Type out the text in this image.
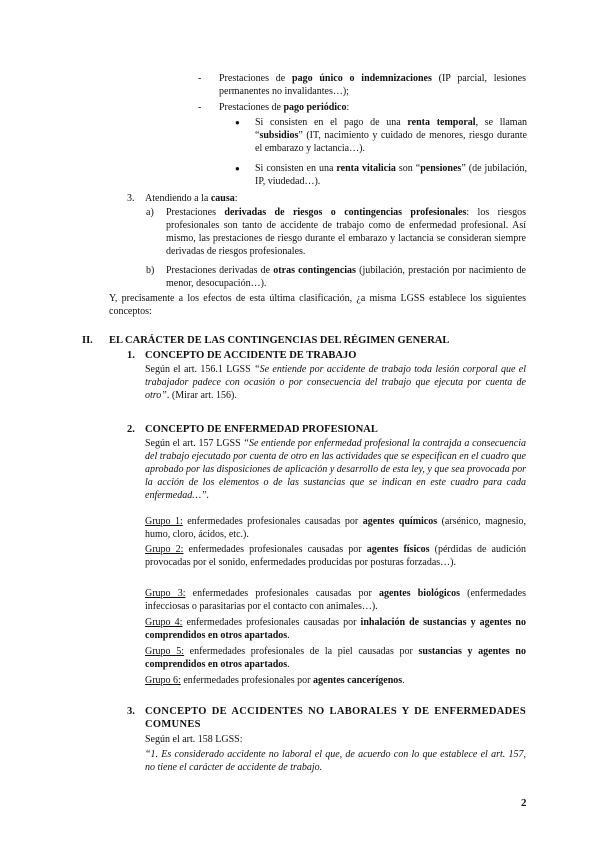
- Prestaciones de pago único o indemnizaciones (IP parcial, lesiones permanentes no invalidantes…);
- Prestaciones de pago periódico:
● Si consisten en el pago de una renta temporal, se llaman “subsidios” (IT, nacimiento y cuidado de menores, riesgo durante el embarazo y lactancia…).
● Si consisten en una renta vitalicia son “pensiones” (de jubilación, IP, viudedad…).
3. Atendiendo a la causa:
a) Prestaciones derivadas de riesgos o contingencias profesionales: los riesgos profesionales son tanto de accidente de trabajo como de enfermedad profesional. Así mismo, las prestaciones de riesgo durante el embarazo y lactancia se consideran siempre derivadas de riesgos profesionales.
b) Prestaciones derivadas de otras contingencias (jubilación, prestación por nacimiento de menor, desocupación…).
Y, precisamente a los efectos de esta última clasificación, ¿a misma LGSS establece los siguientes conceptos:
II. EL CARÁCTER DE LAS CONTINGENCIAS DEL RÉGIMEN GENERAL
1. CONCEPTO DE ACCIDENTE DE TRABAJO
Según el art. 156.1 LGSS “Se entiende por accidente de trabajo toda lesión corporal que el trabajador padece con ocasión o por consecuencia del trabajo que ejecuta por cuenta de otro”. (Mirar art. 156).
2. CONCEPTO DE ENFERMEDAD PROFESIONAL
Según el art. 157 LGSS “Se entiende por enfermedad profesional la contrajda a consecuencia del trabajo ejecutado por cuenta de otro en las actividades que se especifican en el cuadro que aprobado por las disposiciones de aplicación y desarrollo de esta ley, y que sea provocada por la acción de los elementos o de las sustancias que se indican en este cuadro para cada enfermedad…”.
Grupo 1: enfermedades profesionales causadas por agentes químicos (arsénico, magnesio, humo, cloro, ácidos, etc.).
Grupo 2: enfermedades profesionales causadas por agentes físicos (pérdidas de audición provocadas por el sonido, enfermedades producidas por posturas forzadas…).
Grupo 3: enfermedades profesionales causadas por agentes biológicos (enfermedades infecciosas o parasitarias por el contacto con animales…).
Grupo 4: enfermedades profesionales causadas por inhalación de sustancias y agentes no comprendidos en otros apartados.
Grupo 5: enfermedades profesionales de la piel causadas por sustancias y agentes no comprendidos en otros apartados.
Grupo 6: enfermedades profesionales por agentes cancerígenos.
3. CONCEPTO DE ACCIDENTES NO LABORALES Y DE ENFERMEDADES COMUNES
Según el art. 158 LGSS:
“1. Es considerado accidente no laboral el que, de acuerdo con lo que establece el art. 157, no tiene el carácter de accidente de trabajo.
2
